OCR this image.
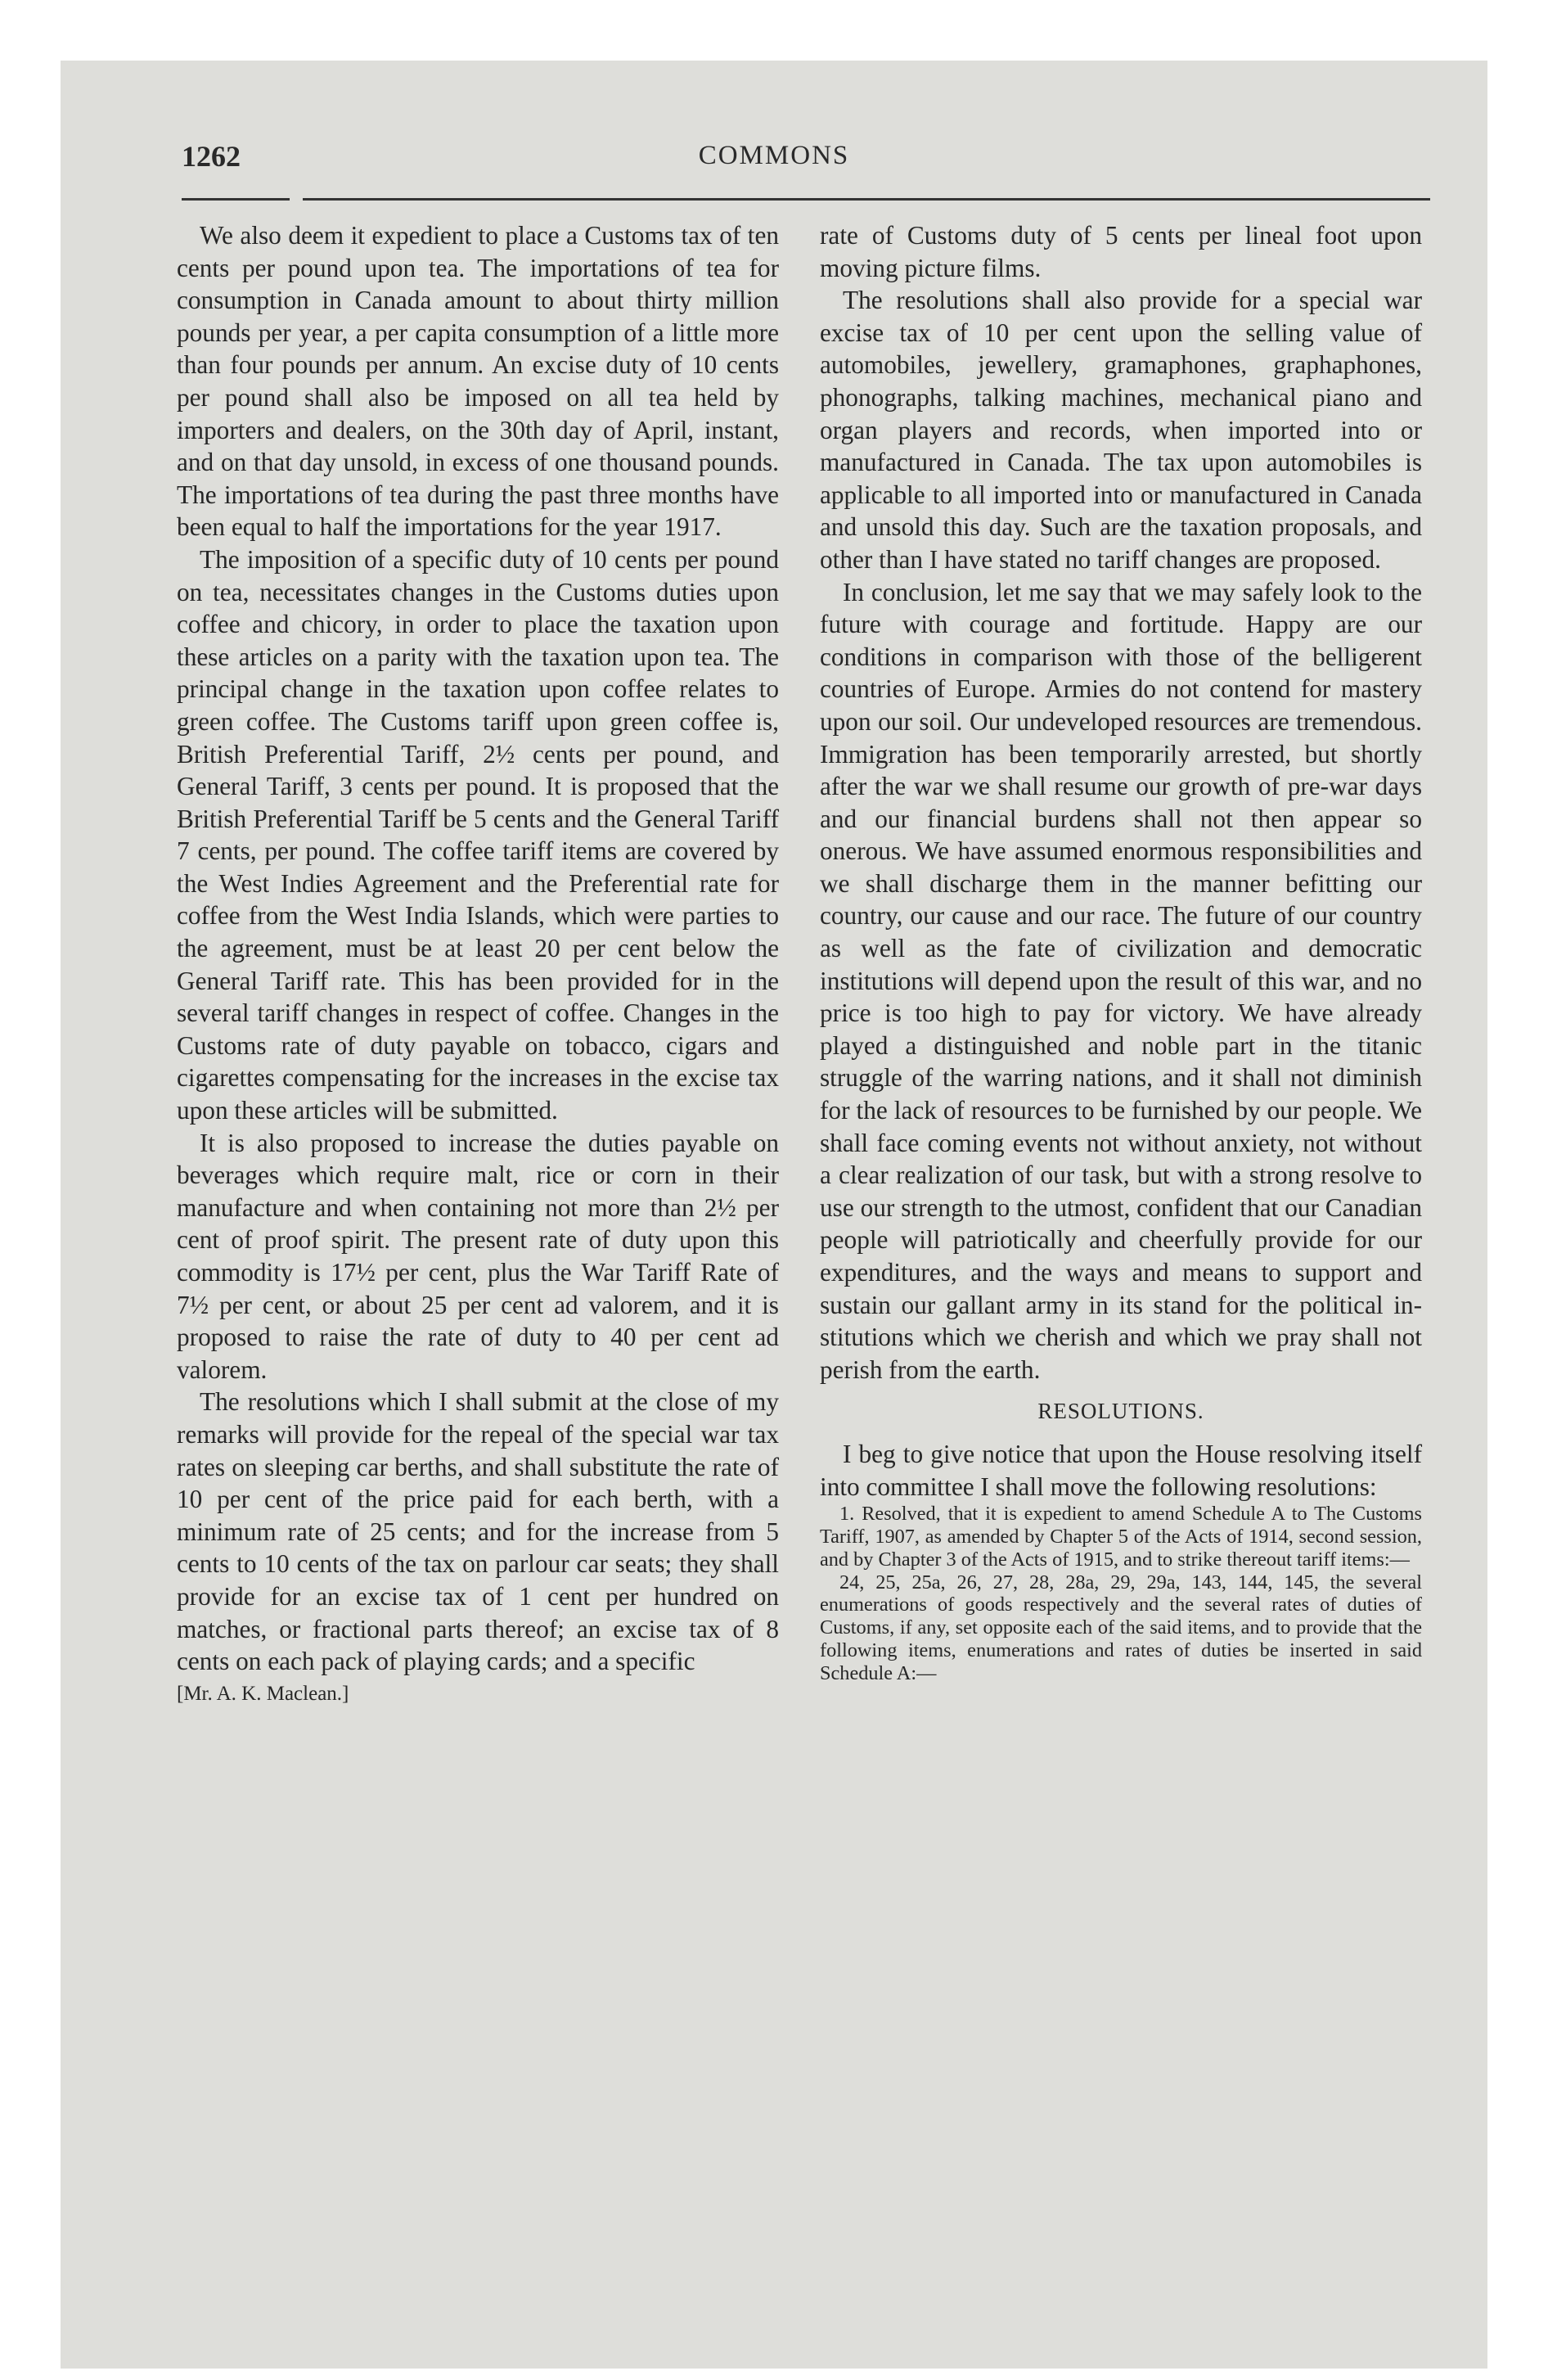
1262	COMMONS

We also deem it expedient to place a Customs tax of ten cents per pound upon tea. The importations of tea for consumption in Canada amount to about thirty million pounds per year, a per capita consumption of a little more than four pounds per annum. An excise duty of 10 cents per pound shall also be imposed on all tea held by importers and dealers, on the 30th day of April, instant, and on that day unsold, in excess of one thousand pounds. The importations of tea during the past three months have been equal to half the importations for the year 1917.

The imposition of a specific duty of 10 cents per pound on tea, necessitates changes in the Customs duties upon coffee and chicory, in order to place the taxation upon these articles on a parity with the taxation upon tea. The principal change in the taxation upon coffee relates to green coffee. The Customs tariff upon green coffee is, British Preferential Tariff, 2½ cents per pound, and General Tariff, 3 cents per pound. It is proposed that the British Preferential Tariff be 5 cents and the General Tariff 7 cents, per pound. The coffee tariff items are covered by the West Indies Agreement and the Preferential rate for coffee from the West India Islands, which were parties to the agreement, must be at least 20 per cent below the General Tariff rate. This has been provided for in the several tariff changes in respect of coffee. Changes in the Customs rate of duty payable on tobacco, cigars and cigarettes compensating for the increases in the excise tax upon these articles will be submitted.

It is also proposed to increase the duties payable on beverages which require malt, rice or corn in their manufacture and when containing not more than 2½ per cent of proof spirit. The present rate of duty upon this commodity is 17½ per cent, plus the War Tariff Rate of 7½ per cent, or about 25 per cent ad valorem, and it is proposed to raise the rate of duty to 40 per cent ad valorem.

The resolutions which I shall submit at the close of my remarks will provide for the repeal of the special war tax rates on sleeping car berths, and shall substitute the rate of 10 per cent of the price paid for each berth, with a minimum rate of 25 cents; and for the increase from 5 cents to 10 cents of the tax on parlour car seats; they shall provide for an excise tax of 1 cent per hundred on matches, or fractional parts thereof; an excise tax of 8 cents on each pack of playing cards; and a specific

[Mr. A. K. Maclean.]

rate of Customs duty of 5 cents per lineal foot upon moving picture films.

The resolutions shall also provide for a special war excise tax of 10 per cent upon the selling value of automobiles, jewellery, gramaphones, graphaphones, phonographs, talking machines, mechanical piano and organ players and records, when imported into or manufactured in Canada. The tax upon automobiles is applicable to all imported into or manufactured in Canada and unsold this day. Such are the taxation proposals, and other than I have stated no tariff changes are proposed.

In conclusion, let me say that we may safely look to the future with courage and fortitude. Happy are our conditions in comparison with those of the belligerent countries of Europe. Armies do not contend for mastery upon our soil. Our undeveloped resources are tremendous. Immigration has been temporarily arrested, but shortly after the war we shall resume our growth of pre-war days and our financial burdens shall not then appear so onerous. We have assumed enormous responsibilities and we shall discharge them in the manner befitting our country, our cause and our race. The future of our country as well as the fate of civilization and democratic institutions will depend upon the result of this war, and no price is too high to pay for victory. We have already played a distinguished and noble part in the titanic struggle of the warring nations, and it shall not diminish for the lack of resources to be furnished by our people. We shall face coming events not without anxiety, not without a clear realization of our task, but with a strong resolve to use our strength to the utmost, confident that our Canadian people will patriotically and cheerfully provide for our expenditures, and the ways and means to support and sustain our gallant army in its stand for the political institutions which we cherish and which we pray shall not perish from the earth.

RESOLUTIONS.

I beg to give notice that upon the House resolving itself into committee I shall move the following resolutions:

1. Resolved, that it is expedient to amend Schedule A to The Customs Tariff, 1907, as amended by Chapter 5 of the Acts of 1914, second session, and by Chapter 3 of the Acts of 1915, and to strike thereout tariff items:—

24, 25, 25a, 26, 27, 28, 28a, 29, 29a, 143, 144, 145, the several enumerations of goods respectively and the several rates of duties of Customs, if any, set opposite each of the said items, and to provide that the following items, enumerations and rates of duties be inserted in said Schedule A:—
